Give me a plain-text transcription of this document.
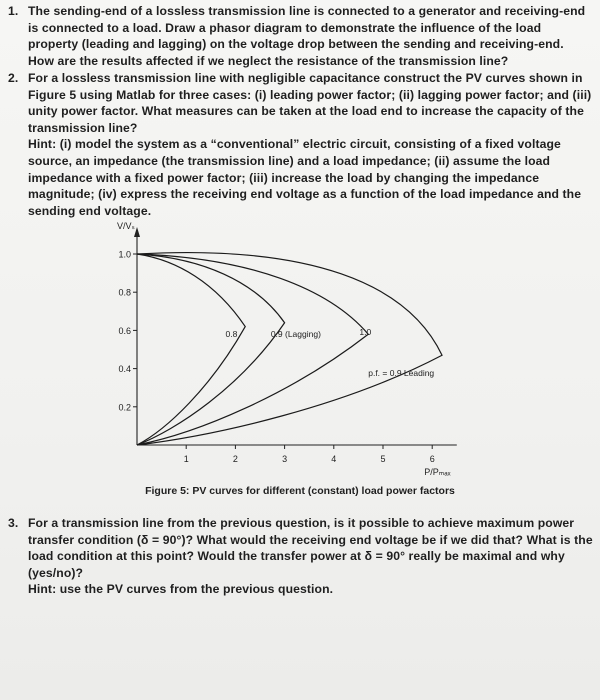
1. The sending-end of a lossless transmission line is connected to a generator and receiving-end is connected to a load. Draw a phasor diagram to demonstrate the influence of the load property (leading and lagging) on the voltage drop between the sending and receiving-end. How are the results affected if we neglect the resistance of the transmission line?
2. For a lossless transmission line with negligible capacitance construct the PV curves shown in Figure 5 using Matlab for three cases: (i) leading power factor; (ii) lagging power factor; and (iii) unity power factor. What measures can be taken at the load end to increase the capacity of the transmission line?
Hint: (i) model the system as a “conventional” electric circuit, consisting of a fixed voltage source, an impedance (the transmission line) and a load impedance; (ii) assume the load impedance with a fixed power factor; (iii) increase the load by changing the impedance magnitude; (iv) express the receiving end voltage as a function of the load impedance and the sending end voltage.
0.2
0.4
0.6
0.8
1.0
1	2	3	4	5	6
V/Vₛ
P/Pₘₐₓ
0.8	0.9 (Lagging)	1.0
p.f. = 0.9 Leading
Figure 5: PV curves for different (constant) load power factors
3. For a transmission line from the previous question, is it possible to achieve maximum power transfer condition (δ = 90°)? What would the receiving end voltage be if we did that? What is the load condition at this point? Would the transfer power at δ = 90° really be maximal and why (yes/no)?
Hint: use the PV curves from the previous question.
